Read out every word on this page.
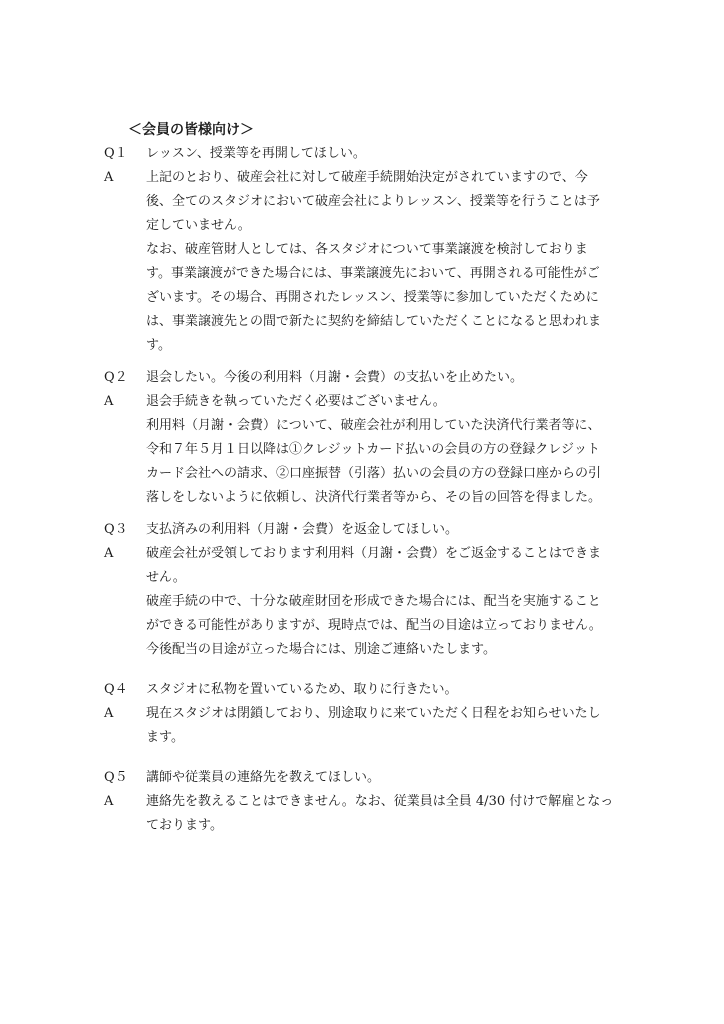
＜会員の皆様向け＞
Q１ レッスン、授業等を再開してほしい。
A	上記のとおり、破産会社に対して破産手続開始決定がされていますので、今
後、全てのスタジオにおいて破産会社によりレッスン、授業等を行うことは予
定していません。
なお、破産管財人としては、各スタジオについて事業譲渡を検討しておりま
す。事業譲渡ができた場合には、事業譲渡先において、再開される可能性がご
ざいます。その場合、再開されたレッスン、授業等に参加していただくために
は、事業譲渡先との間で新たに契約を締結していただくことになると思われま
す。
Q２ 退会したい。今後の利用料（月謝・会費）の支払いを止めたい。
A	退会手続きを執っていただく必要はございません。
利用料（月謝・会費）について、破産会社が利用していた決済代行業者等に、
令和７年５月１日以降は①クレジットカード払いの会員の方の登録クレジット
カード会社への請求、②口座振替（引落）払いの会員の方の登録口座からの引
落しをしないように依頼し、決済代行業者等から、その旨の回答を得ました。
Q３ 支払済みの利用料（月謝・会費）を返金してほしい。
A	破産会社が受領しております利用料（月謝・会費）をご返金することはできま
せん。
破産手続の中で、十分な破産財団を形成できた場合には、配当を実施すること
ができる可能性がありますが、現時点では、配当の目途は立っておりません。
今後配当の目途が立った場合には、別途ご連絡いたします。
Q４ スタジオに私物を置いているため、取りに行きたい。
A	現在スタジオは閉鎖しており、別途取りに来ていただく日程をお知らせいたし
ます。
Q５ 講師や従業員の連絡先を教えてほしい。
A	連絡先を教えることはできません。なお、従業員は全員 4/30 付けで解雇となっ
ております。
